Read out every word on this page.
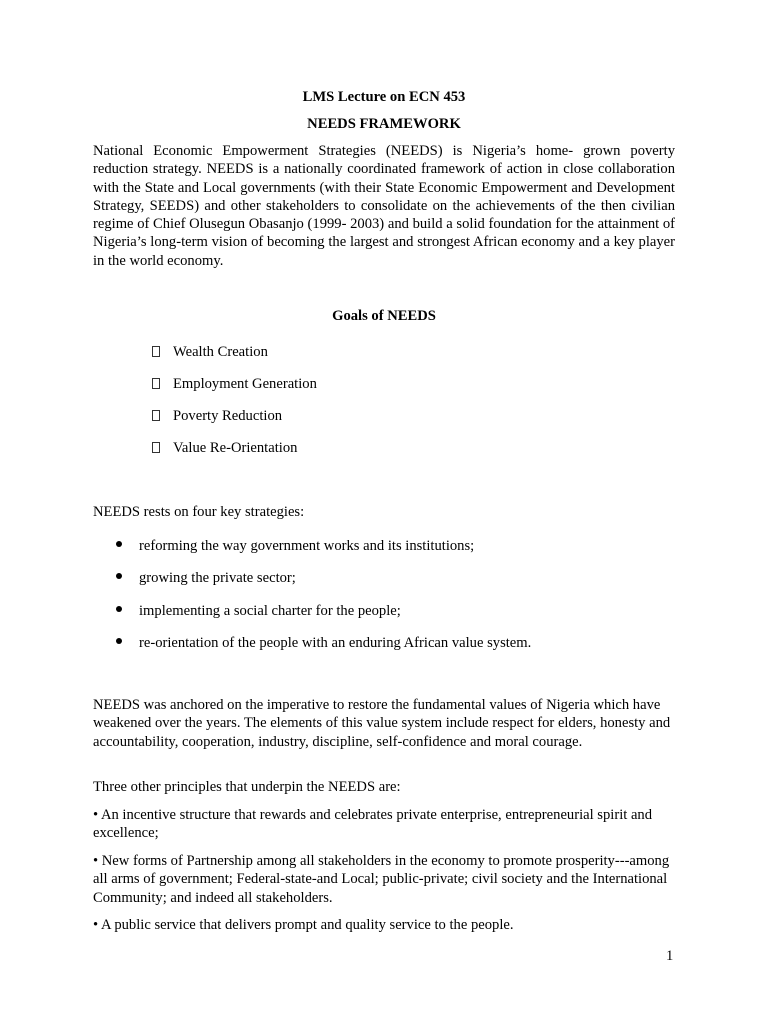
LMS Lecture on ECN 453
NEEDS FRAMEWORK
National Economic Empowerment Strategies (NEEDS) is Nigeria’s home- grown poverty reduction strategy. NEEDS is a nationally coordinated framework of action in close collaboration with the State and Local governments (with their State Economic Empowerment and Development Strategy, SEEDS) and other stakeholders to consolidate on the achievements of the then civilian regime of Chief Olusegun Obasanjo (1999- 2003) and build a solid foundation for the attainment of Nigeria’s long-term vision of becoming the largest and strongest African economy and a key player in the world economy.
Goals of NEEDS
Wealth Creation
Employment Generation
Poverty Reduction
Value Re-Orientation
NEEDS rests on four key strategies:
reforming the way government works and its institutions;
growing the private sector;
implementing a social charter for the people;
re-orientation of the people with an enduring African value system.
NEEDS was anchored on the imperative to restore the fundamental values of Nigeria which have weakened over the years. The elements of this value system include respect for elders, honesty and accountability, cooperation, industry, discipline, self-confidence and moral courage.
Three other principles that underpin the NEEDS are:
• An incentive structure that rewards and celebrates private enterprise, entrepreneurial spirit and excellence;
• New forms of Partnership among all stakeholders in the economy to promote prosperity---among all arms of government; Federal-state-and Local; public-private; civil society and the International Community; and indeed all stakeholders.
• A public service that delivers prompt and quality service to the people.
1
